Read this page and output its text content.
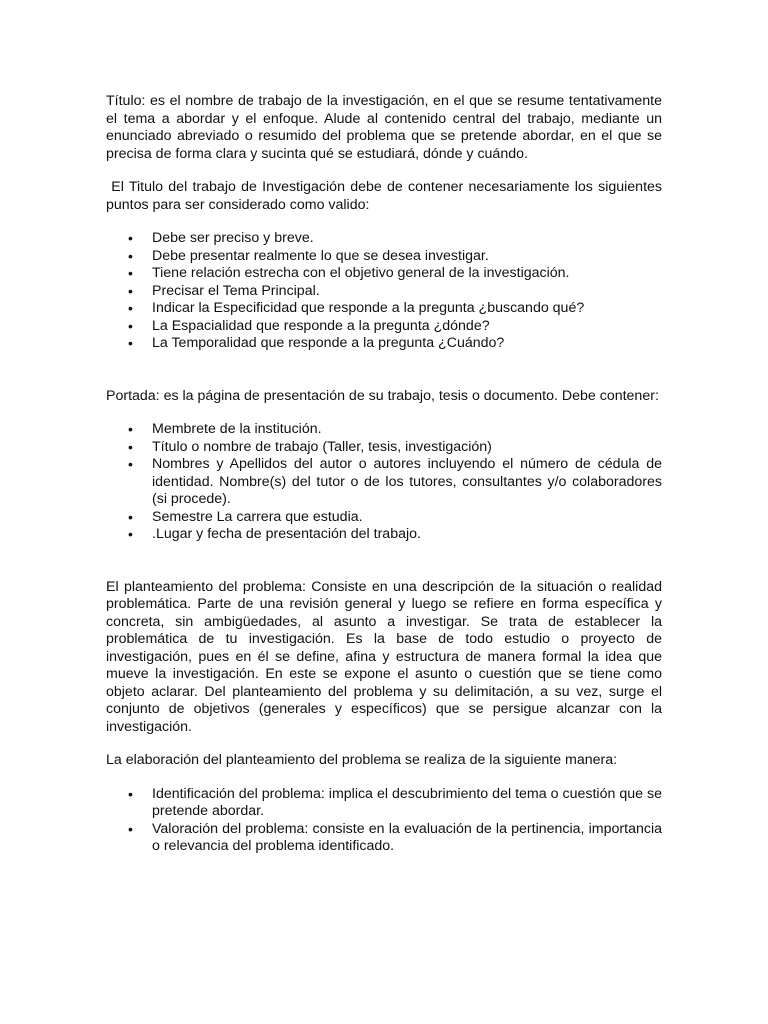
Título: es el nombre de trabajo de la investigación, en el que se resume tentativamente el tema a abordar y el enfoque. Alude al contenido central del trabajo, mediante un enunciado abreviado o resumido del problema que se pretende abordar, en el que se precisa de forma clara y sucinta qué se estudiará, dónde y cuándo.

El Titulo del trabajo de Investigación debe de contener necesariamente los siguientes puntos para ser considerado como valido:

• Debe ser preciso y breve.
• Debe presentar realmente lo que se desea investigar.
• Tiene relación estrecha con el objetivo general de la investigación.
• Precisar el Tema Principal.
• Indicar la Especificidad que responde a la pregunta ¿buscando qué?
• La Espacialidad que responde a la pregunta ¿dónde?
• La Temporalidad que responde a la pregunta ¿Cuándo?

Portada: es la página de presentación de su trabajo, tesis o documento. Debe contener:

• Membrete de la institución.
• Título o nombre de trabajo (Taller, tesis, investigación)
• Nombres y Apellidos del autor o autores incluyendo el número de cédula de identidad. Nombre(s) del tutor o de los tutores, consultantes y/o colaboradores (si procede).
• Semestre La carrera que estudia.
• .Lugar y fecha de presentación del trabajo.

El planteamiento del problema: Consiste en una descripción de la situación o realidad problemática. Parte de una revisión general y luego se refiere en forma específica y concreta, sin ambigüedades, al asunto a investigar. Se trata de establecer la problemática de tu investigación. Es la base de todo estudio o proyecto de investigación, pues en él se define, afina y estructura de manera formal la idea que mueve la investigación. En este se expone el asunto o cuestión que se tiene como objeto aclarar. Del planteamiento del problema y su delimitación, a su vez, surge el conjunto de objetivos (generales y específicos) que se persigue alcanzar con la investigación.

La elaboración del planteamiento del problema se realiza de la siguiente manera:

• Identificación del problema: implica el descubrimiento del tema o cuestión que se pretende abordar.
• Valoración del problema: consiste en la evaluación de la pertinencia, importancia o relevancia del problema identificado.
